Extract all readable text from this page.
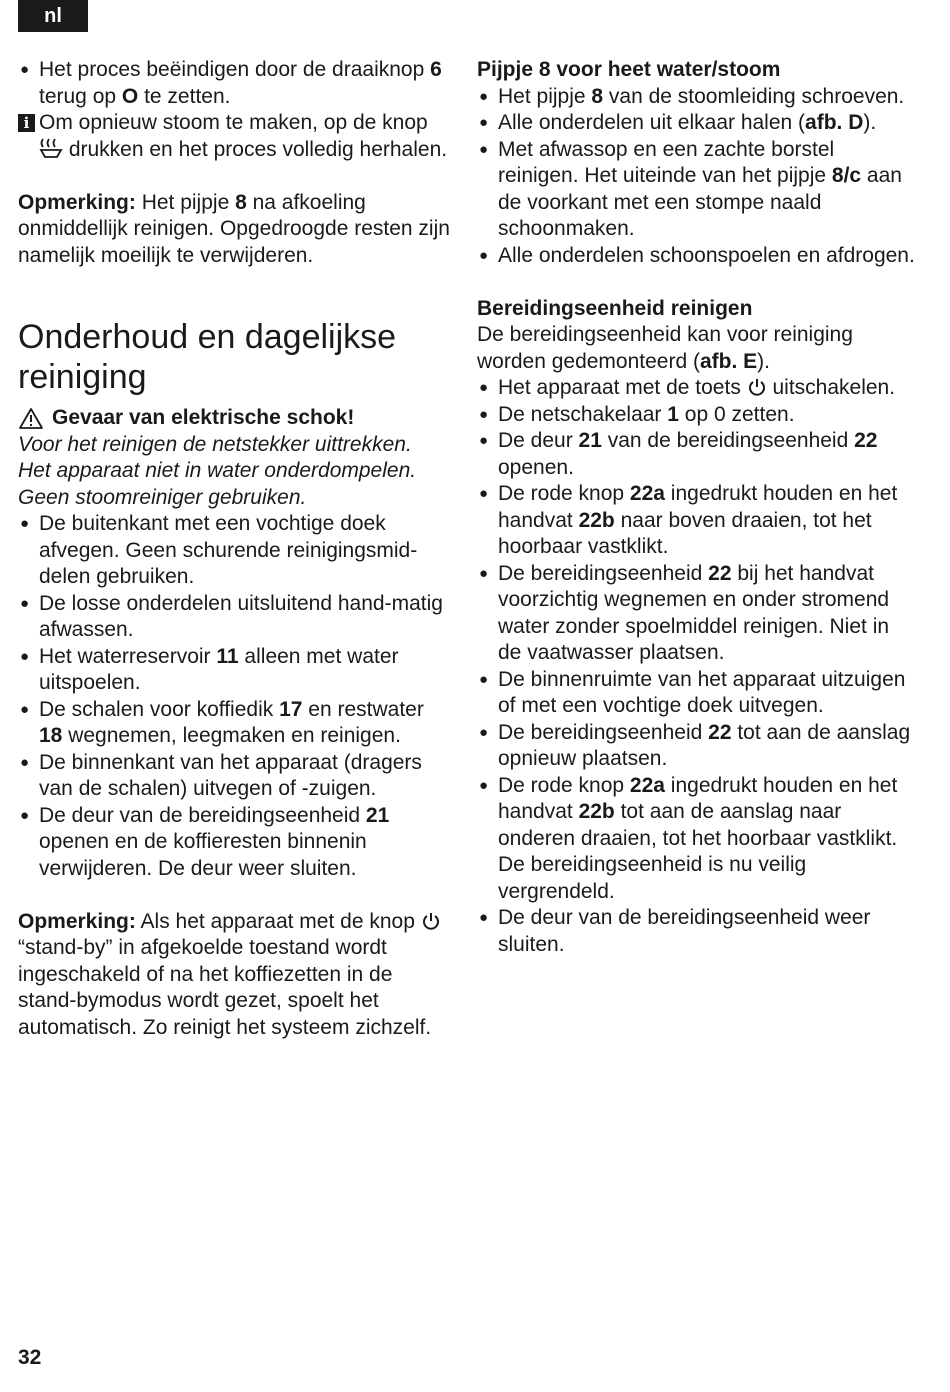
nl

● Het proces beëindigen door de draaiknop 6 terug op O te zetten.

i Om opnieuw stoom te maken, op de knop  drukken en het proces volledig herhalen.

Opmerking: Het pijpje 8 na afkoeling onmiddellijk reinigen. Opgedroogde resten zijn namelijk moeilijk te verwijderen.

Onderhoud en dagelijkse reiniging
Gevaar van elektrische schok!

Voor het reinigen de netstekker uittrekken.

Het apparaat niet in water onderdompelen.

Geen stoomreiniger gebruiken.

● De buitenkant met een vochtige doek afvegen. Geen schurende reinigingsmid-delen gebruiken.

● De losse onderdelen uitsluitend hand-matig afwassen.

● Het waterreservoir 11 alleen met water uitspoelen.

● De schalen voor koffiedik 17 en restwater 18 wegnemen, leegmaken en reinigen.

● De binnenkant van het apparaat (dragers van de schalen) uitvegen of -zuigen.

● De deur van de bereidingseenheid 21 openen en de koffieresten binnenin verwijderen. De deur weer sluiten.

Opmerking: Als het apparaat met de knop  “stand-by” in afgekoelde toestand wordt ingeschakeld of na het koffiezetten in de stand-bymodus wordt gezet, spoelt het automatisch. Zo reinigt het systeem zichzelf.

Pijpje 8 voor heet water/stoom

● Het pijpje 8 van de stoomleiding schroeven.

● Alle onderdelen uit elkaar halen (afb. D).

● Met afwassop en een zachte borstel reinigen. Het uiteinde van het pijpje 8/c aan de voorkant met een stompe naald schoonmaken.

● Alle onderdelen schoonspoelen en afdrogen.

Bereidingseenheid reinigen

De bereidingseenheid kan voor reiniging worden gedemonteerd (afb. E).

● Het apparaat met de toets  uitschakelen.

● De netschakelaar 1 op 0 zetten.

● De deur 21 van de bereidingseenheid 22 openen.

● De rode knop 22a ingedrukt houden en het handvat 22b naar boven draaien, tot het hoorbaar vastklikt.

● De bereidingseenheid 22 bij het handvat voorzichtig wegnemen en onder stromend water zonder spoelmiddel reinigen. Niet in de vaatwasser plaatsen.

● De binnenruimte van het apparaat uitzuigen of met een vochtige doek uitvegen.

● De bereidingseenheid 22 tot aan de aanslag opnieuw plaatsen.

● De rode knop 22a ingedrukt houden en het handvat 22b tot aan de aanslag naar onderen draaien, tot het hoorbaar vastklikt. De bereidingseenheid is nu veilig vergrendeld.

● De deur van de bereidingseenheid weer sluiten.

32
